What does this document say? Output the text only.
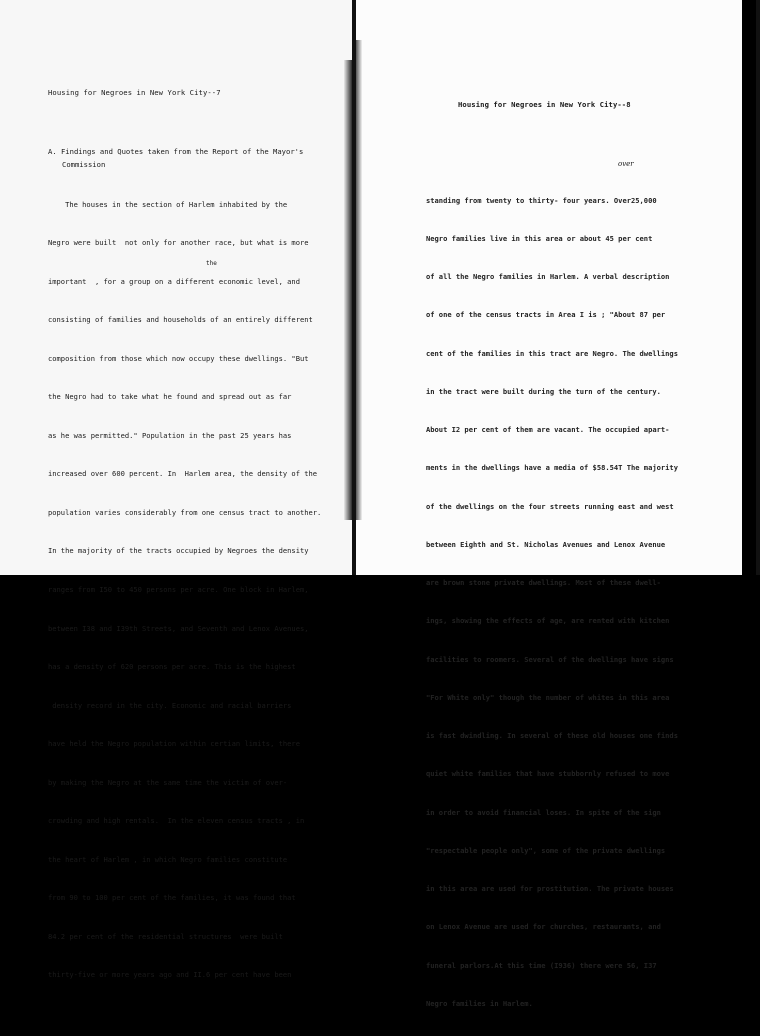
Housing for Negroes in New York City--7
A. Findings and Quotes taken from the Report of the Mayor's
Commission
the

The houses in the section of Harlem inhabited by the

Negro were built  not only for another race, but what is more

important  , for a group on a different economic level, and

consisting of families and households of an entirely different

composition from those which now occupy these dwellings. "But

the Negro had to take what he found and spread out as far

as he was permitted." Population in the past 25 years has

increased over 600 percent. In  Harlem area, the density of the

population varies considerably from one census tract to another.

In the majority of the tracts occupied by Negroes the density

ranges from I50 to 450 persons per acre. One block in Harlem,

between I38 and I39th Streets, and Seventh and Lenox Avenues,

has a density of 620 persons per acre. This is the highest

density record in the city. Economic and racial barriers

have held the Negro population within certian limits, there

by making the Negro at the same time the victim of over-

crowding and high rentals.  In the eleven census tracts , in

the heart of Harlem , in which Negro families constitute

from 90 to 100 per cent of the families, it was found that

84.2 per cent of the residential structures  were built

thirty-five or more years ago and II.6 per cent have been

Housing for Negroes in New York City--8
over

standing from twenty to thirty- four years. Over25,000

Negro families live in this area or about 45 per cent

of all the Negro families in Harlem. A verbal description

of one of the census tracts in Area I is ; "About 87 per

cent of the families in this tract are Negro. The dwellings

in the tract were built during the turn of the century.

About I2 per cent of them are vacant. The occupied apart-

ments in the dwellings have a media of $58.54T The majority

of the dwellings on the four streets running east and west

between Eighth and St. Nicholas Avenues and Lenox Avenue

are brown stone private dwellings. Most of these dwell-

ings, showing the effects of age, are rented with kitchen

facilities to roomers. Several of the dwellings have signs

"For White only" though the number of whites in this area

is fast dwindling. In several of these old houses one finds

quiet white families that have stubbornly refused to move

in order to avoid financial loses. In spite of the sign

"respectable people only", some of the private dwellings

in this area are used for prostitution. The private houses

on Lenox Avenue are used for churches, restaurants, and

funeral parlors.At this time (I936) there were 56, I37

Negro families in Harlem.
